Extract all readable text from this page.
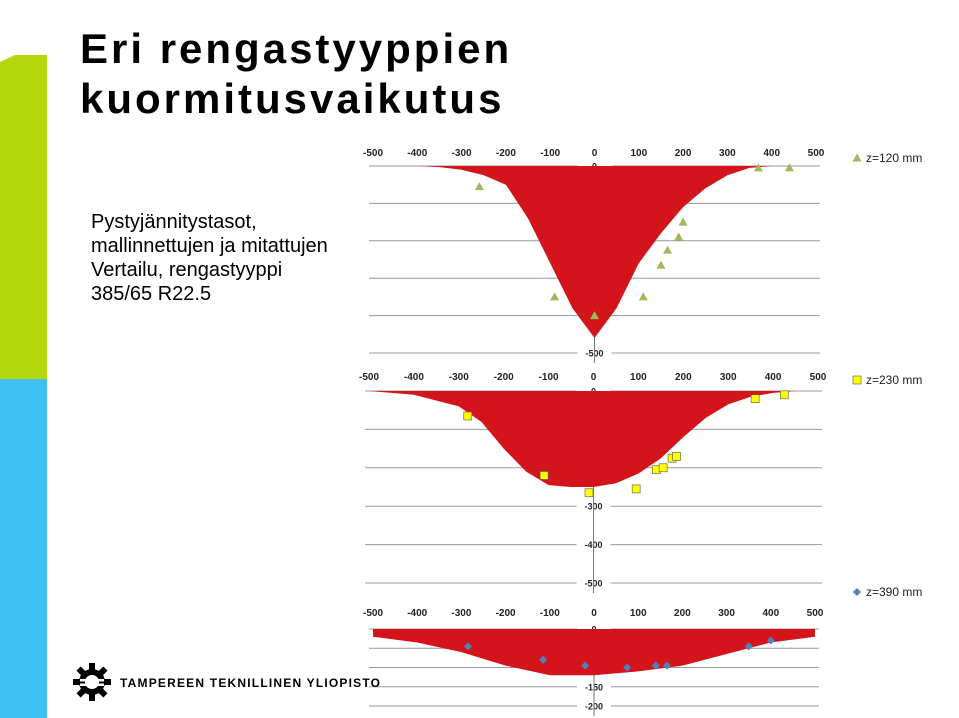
Eri rengastyyppien
kuormitusvaikutus
-500
-500 -400 -300 -200 -100	0	100	200	300	400	500	z=120 mm
-300
-400
-500
-500 -400 -300 -200 -100	0	100	200	300	400	500	z=230 mm
-150
-200
-500 -400 -300 -200 -100	0	100	200	300	400	500
z=390 mm

Pystyjännitystasot,
mallinnettujen ja mitattujen
Vertailu, rengastyyppi
385/65 R22.5

TAMPEREEN TEKNILLINEN YLIOPISTO
